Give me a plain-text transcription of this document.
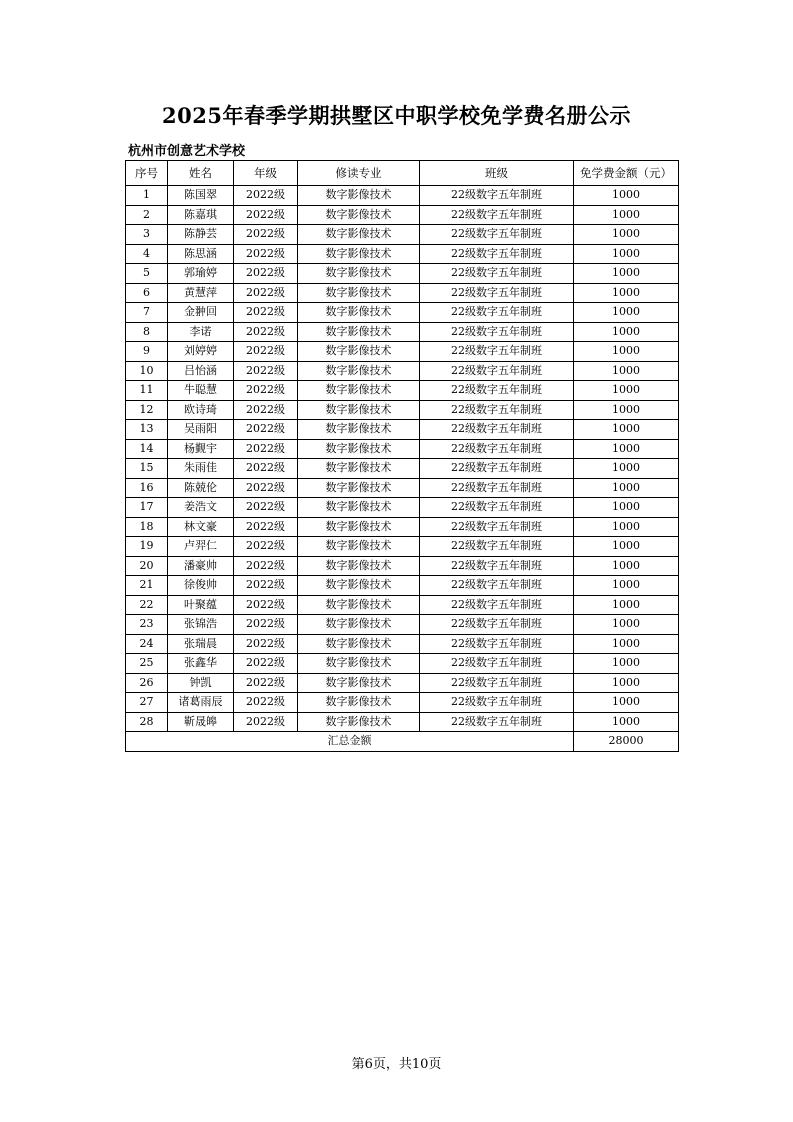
2025年春季学期拱墅区中职学校免学费名册公示
杭州市创意艺术学校
序号	姓名	年级	修读专业	班级	免学费金额（元）
1	陈国翠	2022级	数字影像技术	22级数字五年制班	1000
2	陈嘉琪	2022级	数字影像技术	22级数字五年制班	1000
3	陈静芸	2022级	数字影像技术	22级数字五年制班	1000
4	陈思涵	2022级	数字影像技术	22级数字五年制班	1000
5	郭瑜婷	2022级	数字影像技术	22级数字五年制班	1000
6	黄慧萍	2022级	数字影像技术	22级数字五年制班	1000
7	金翀回	2022级	数字影像技术	22级数字五年制班	1000
8	李诺	2022级	数字影像技术	22级数字五年制班	1000
9	刘婷婷	2022级	数字影像技术	22级数字五年制班	1000
10	吕怡涵	2022级	数字影像技术	22级数字五年制班	1000
11	牛聪慧	2022级	数字影像技术	22级数字五年制班	1000
12	欧诗琦	2022级	数字影像技术	22级数字五年制班	1000
13	吴雨阳	2022级	数字影像技术	22级数字五年制班	1000
14	杨觐宇	2022级	数字影像技术	22级数字五年制班	1000
15	朱雨佳	2022级	数字影像技术	22级数字五年制班	1000
16	陈兢伦	2022级	数字影像技术	22级数字五年制班	1000
17	姜浩文	2022级	数字影像技术	22级数字五年制班	1000
18	林文豪	2022级	数字影像技术	22级数字五年制班	1000
19	卢羿仁	2022级	数字影像技术	22级数字五年制班	1000
20	潘豪帅	2022级	数字影像技术	22级数字五年制班	1000
21	徐俊帅	2022级	数字影像技术	22级数字五年制班	1000
22	叶聚蕴	2022级	数字影像技术	22级数字五年制班	1000
23	张锦浩	2022级	数字影像技术	22级数字五年制班	1000
24	张瑞晨	2022级	数字影像技术	22级数字五年制班	1000
25	张鑫华	2022级	数字影像技术	22级数字五年制班	1000
26	钟凯	2022级	数字影像技术	22级数字五年制班	1000
27	诸葛雨辰	2022级	数字影像技术	22级数字五年制班	1000
28	靳晟皞	2022级	数字影像技术	22级数字五年制班	1000
汇总金额					28000
第6页，共10页
